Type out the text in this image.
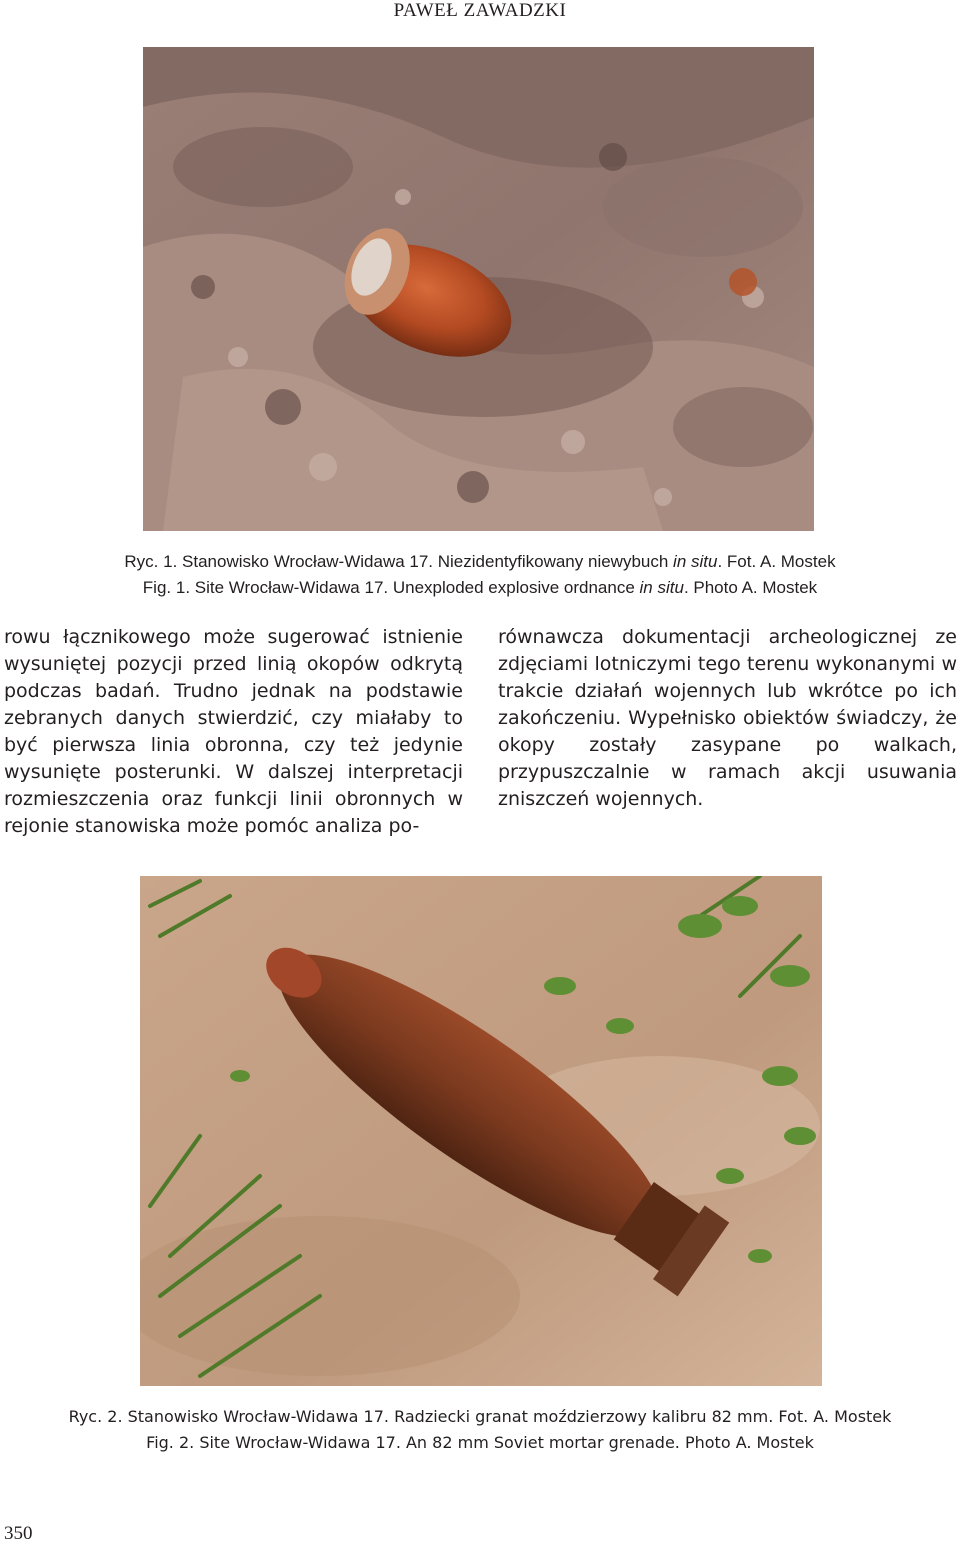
PAWEŁ ZAWADZKI
Ryc. 1. Stanowisko Wrocław-Widawa 17. Niezidentyfikowany niewybuch in situ. Fot. A. Mostek
Fig. 1. Site Wrocław-Widawa 17. Unexploded explosive ordnance in situ. Photo A. Mostek

rowu łącznikowego może sugerować istnienie wysuniętej pozycji przed linią okopów odkrytą podczas badań. Trudno jednak na podstawie zebranych danych stwierdzić, czy miałaby to być pierwsza linia obronna, czy też jedynie wysunięte posterunki. W dalszej interpretacji rozmieszczenia oraz funkcji linii obronnych w rejonie stanowiska może pomóc analiza po-

równawcza dokumentacji archeologicznej ze zdjęciami lotniczymi tego terenu wykonanymi w trakcie działań wojennych lub wkrótce po ich zakończeniu. Wypełnisko obiektów świadczy, że okopy zostały zasypane po walkach, przypuszczalnie w ramach akcji usuwania zniszczeń wojennych.

Ryc. 2. Stanowisko Wrocław-Widawa 17. Radziecki granat moździerzowy kalibru 82 mm. Fot. A. Mostek
Fig. 2. Site Wrocław-Widawa 17. An 82 mm Soviet mortar grenade. Photo A. Mostek
350
